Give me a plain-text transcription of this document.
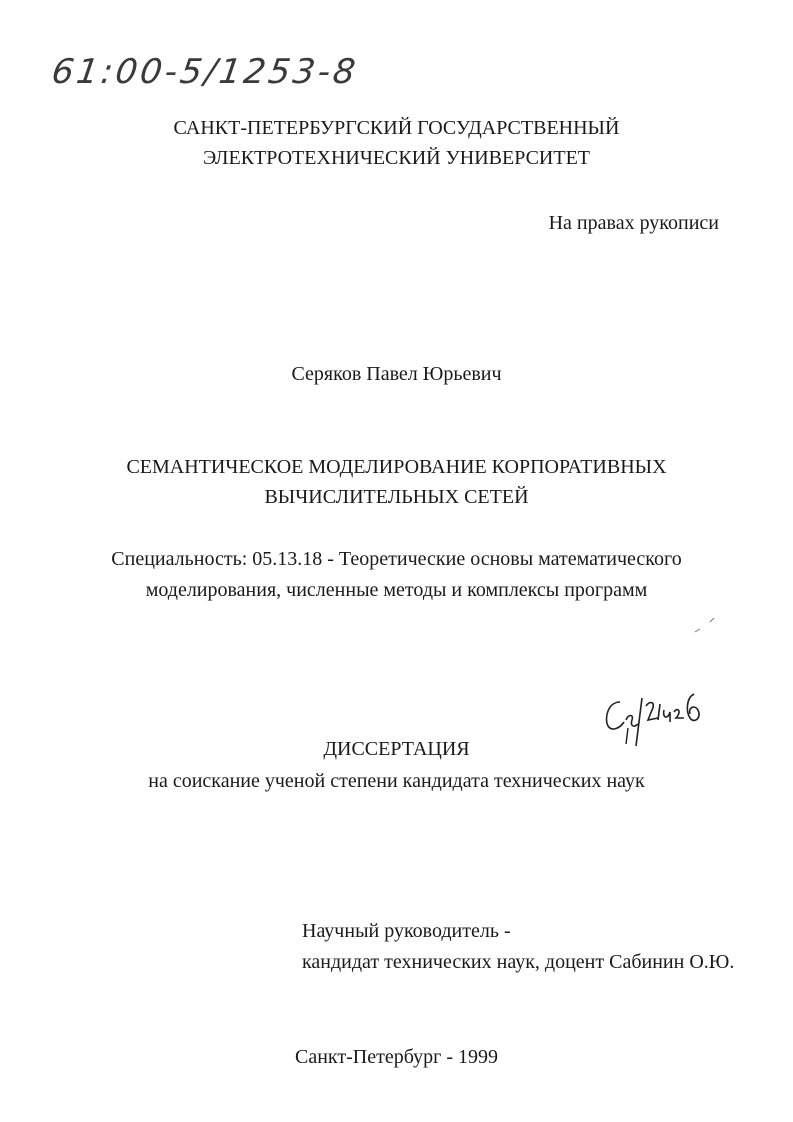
61:00-5/1253-8
САНКТ-ПЕТЕРБУРГСКИЙ ГОСУДАРСТВЕННЫЙ
ЭЛЕКТРОТЕХНИЧЕСКИЙ УНИВЕРСИТЕТ
На правах рукописи
Серяков Павел Юрьевич
СЕМАНТИЧЕСКОЕ МОДЕЛИРОВАНИЕ КОРПОРАТИВНЫХ
ВЫЧИСЛИТЕЛЬНЫХ СЕТЕЙ
Специальность: 05.13.18 - Теоретические основы математического
моделирования, численные методы и комплексы программ
ДИССЕРТАЦИЯ
на соискание ученой степени кандидата технических наук
Научный руководитель -
кандидат технических наук, доцент Сабинин О.Ю.
Санкт-Петербург - 1999
